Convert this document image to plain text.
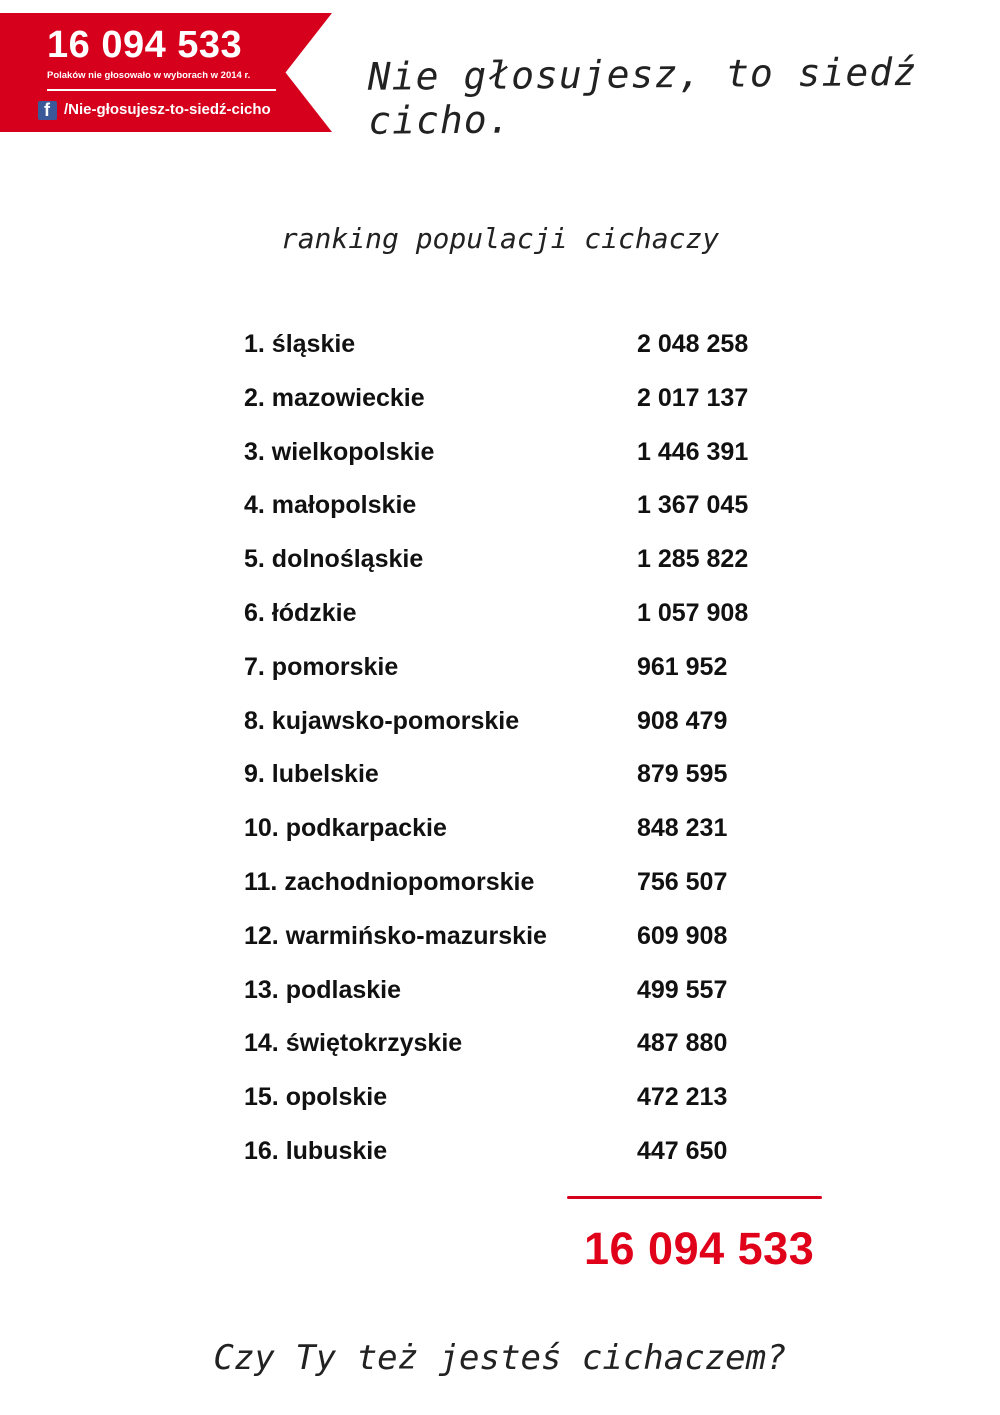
16 094 533
Polaków nie głosowało w wyborach w 2014 r.
f /Nie-głosujesz-to-siedź-cicho
Nie głosujesz, to siedź cicho.
ranking populacji cichaczy
1. śląskie	2 048 258
2. mazowieckie	2 017 137
3. wielkopolskie	1 446 391
4. małopolskie	1 367 045
5. dolnośląskie	1 285 822
6. łódzkie	1 057 908
7. pomorskie	961 952
8. kujawsko-pomorskie	908 479
9. lubelskie	879 595
10. podkarpackie	848 231
11. zachodniopomorskie	756 507
12. warmińsko-mazurskie	609 908
13. podlaskie	499 557
14. świętokrzyskie	487 880
15. opolskie	472 213
16. lubuskie	447 650
16 094 533
Czy Ty też jesteś cichaczem?
